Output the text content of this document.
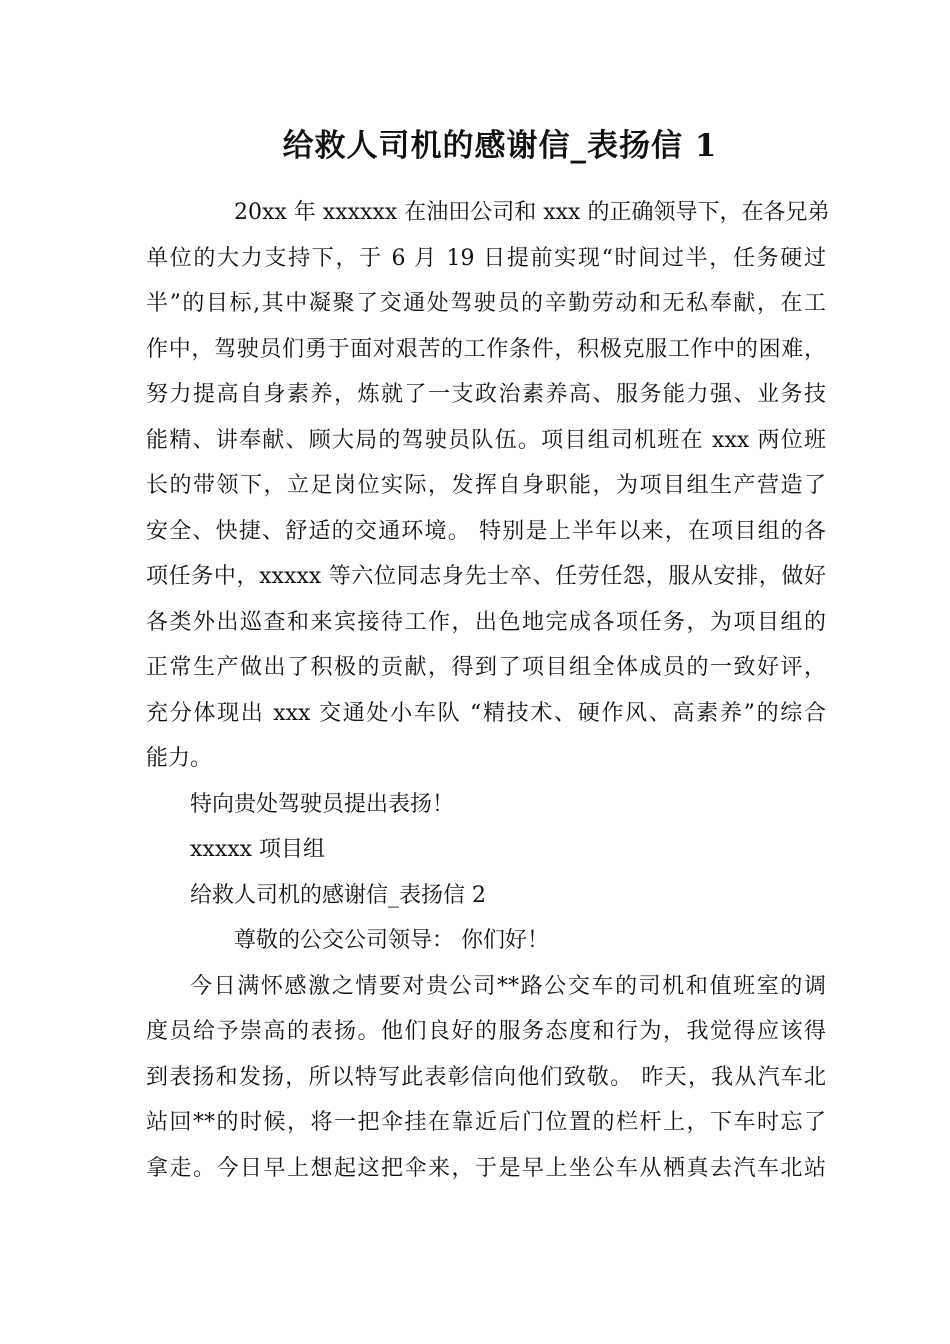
给救人司机的感谢信_表扬信 1

20xx 年 xxxxxx 在油田公司和 xxx 的正确领导下，在各兄弟
单位的大力支持下，于 6 月 19 日提前实现“时间过半，任务硬过
半”的目标,其中凝聚了交通处驾驶员的辛勤劳动和无私奉献，在工
作中，驾驶员们勇于面对艰苦的工作条件，积极克服工作中的困难，
努力提高自身素养，炼就了一支政治素养高、服务能力强、业务技
能精、讲奉献、顾大局的驾驶员队伍。项目组司机班在 xxx 两位班
长的带领下，立足岗位实际，发挥自身职能，为项目组生产营造了
安全、快捷、舒适的交通环境。 特别是上半年以来，在项目组的各
项任务中，xxxxx 等六位同志身先士卒、任劳任怨，服从安排，做好
各类外出巡查和来宾接待工作，出色地完成各项任务，为项目组的
正常生产做出了积极的贡献，得到了项目组全体成员的一致好评，
充分体现出 xxx 交通处小车队 “精技术、硬作风、高素养”的综合
能力。

特向贵处驾驶员提出表扬！

xxxxx 项目组

给救人司机的感谢信_表扬信 2

尊敬的公交公司领导： 你们好！

今日满怀感激之情要对贵公司**路公交车的司机和值班室的调
度员给予崇高的表扬。他们良好的服务态度和行为，我觉得应该得
到表扬和发扬，所以特写此表彰信向他们致敬。 昨天，我从汽车北
站回**的时候，将一把伞挂在靠近后门位置的栏杆上，下车时忘了
拿走。今日早上想起这把伞来，于是早上坐公车从栖真去汽车北站
